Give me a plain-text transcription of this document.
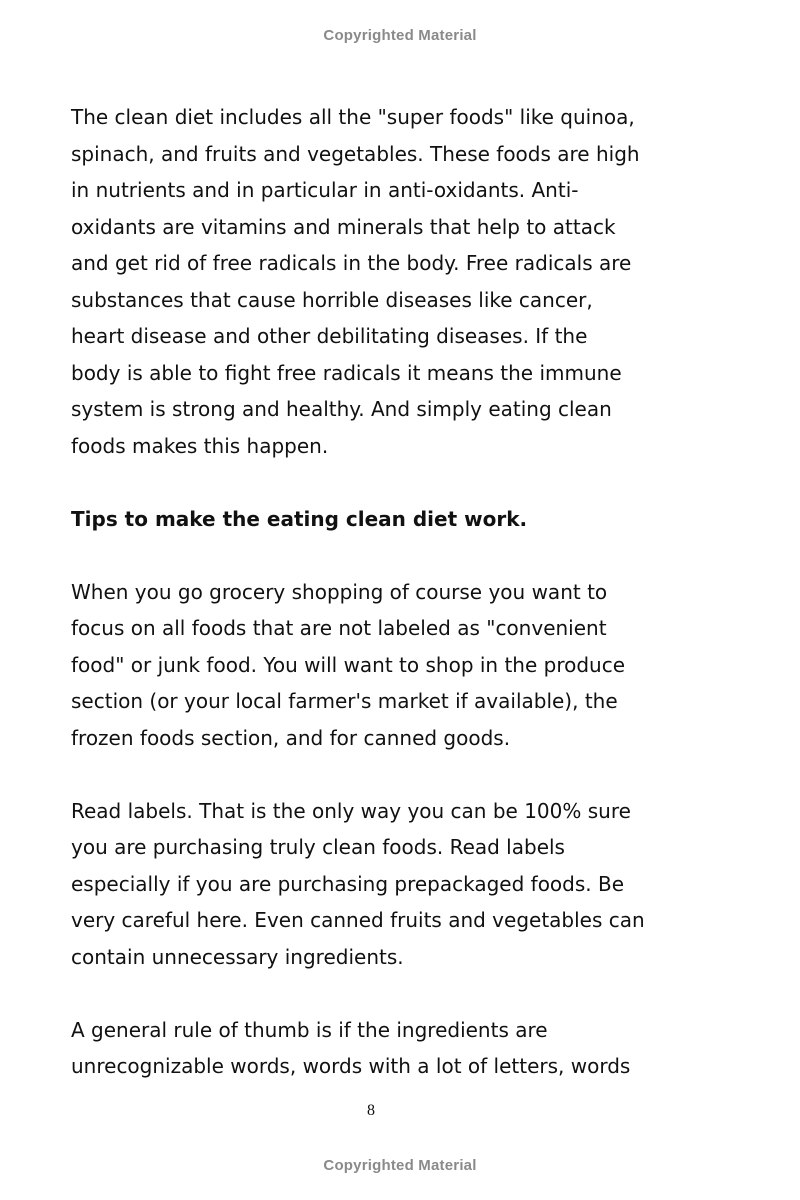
Copyrighted Material

The clean diet includes all the "super foods" like quinoa,
spinach, and fruits and vegetables. These foods are high
in nutrients and in particular in anti-oxidants. Anti-
oxidants are vitamins and minerals that help to attack
and get rid of free radicals in the body. Free radicals are
substances that cause horrible diseases like cancer,
heart disease and other debilitating diseases. If the
body is able to fight free radicals it means the immune
system is strong and healthy. And simply eating clean
foods makes this happen.

Tips to make the eating clean diet work.

When you go grocery shopping of course you want to
focus on all foods that are not labeled as "convenient
food" or junk food. You will want to shop in the produce
section (or your local farmer's market if available), the
frozen foods section, and for canned goods.

Read labels. That is the only way you can be 100% sure
you are purchasing truly clean foods. Read labels
especially if you are purchasing prepackaged foods. Be
very careful here. Even canned fruits and vegetables can
contain unnecessary ingredients.

A general rule of thumb is if the ingredients are
unrecognizable words, words with a lot of letters, words

8
Copyrighted Material
